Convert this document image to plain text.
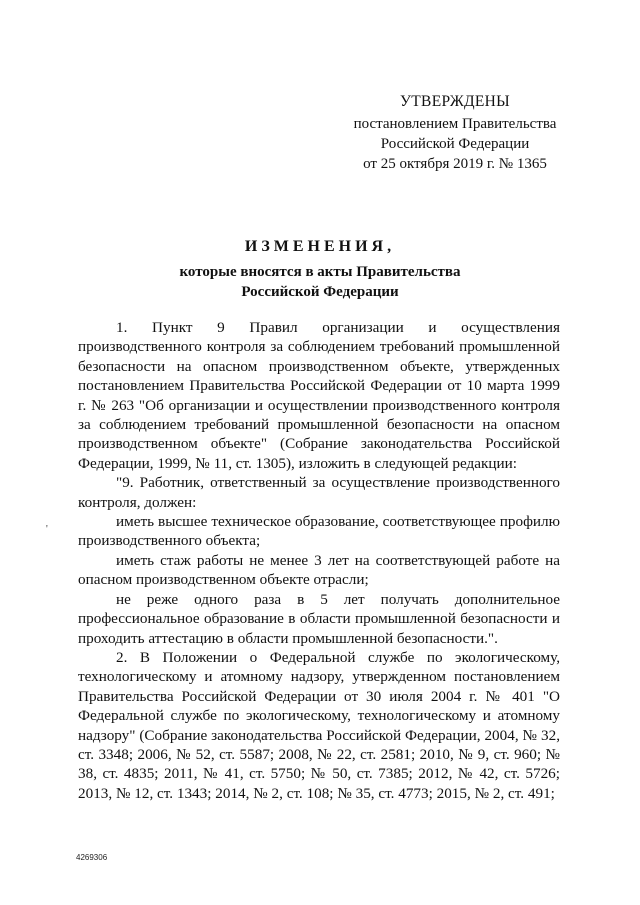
УТВЕРЖДЕНЫ
постановлением Правительства
Российской Федерации
от 25 октября 2019 г. № 1365
ИЗМЕНЕНИЯ,
которые вносятся в акты Правительства Российской Федерации

1. Пункт 9 Правил организации и осуществления производственного контроля за соблюдением требований промышленной безопасности на опасном производственном объекте, утвержденных постановлением Правительства Российской Федерации от 10 марта 1999 г. № 263 "Об организации и осуществлении производственного контроля за соблюдением требований промышленной безопасности на опасном производственном объекте" (Собрание законодательства Российской Федерации, 1999, № 11, ст. 1305), изложить в следующей редакции:

"9. Работник, ответственный за осуществление производственного контроля, должен:

иметь высшее техническое образование, соответствующее профилю производственного объекта;

иметь стаж работы не менее 3 лет на соответствующей работе на опасном производственном объекте отрасли;

не реже одного раза в 5 лет получать дополнительное профессиональное образование в области промышленной безопасности и проходить аттестацию в области промышленной безопасности.".

2. В Положении о Федеральной службе по экологическому, технологическому и атомному надзору, утвержденном постановлением Правительства Российской Федерации от 30 июля 2004 г. № 401 "О Федеральной службе по экологическому, технологическому и атомному надзору" (Собрание законодательства Российской Федерации, 2004, № 32, ст. 3348; 2006, № 52, ст. 5587; 2008, № 22, ст. 2581; 2010, № 9, ст. 960; № 38, ст. 4835; 2011, № 41, ст. 5750; № 50, ст. 7385; 2012, № 42, ст. 5726; 2013, № 12, ст. 1343; 2014, № 2, ст. 108; № 35, ст. 4773; 2015, № 2, ст. 491;

'
4269306
